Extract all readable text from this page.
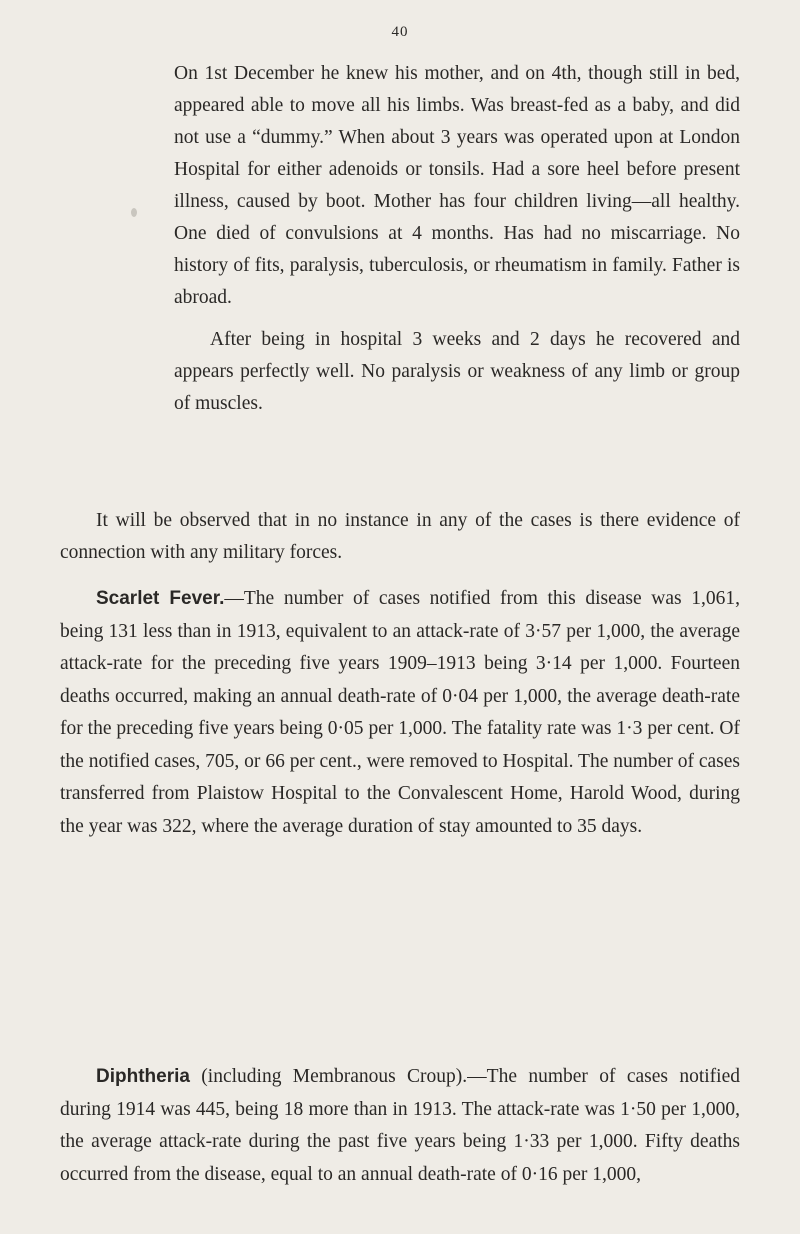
40

On 1st December he knew his mother, and on 4th, though still in bed, appeared able to move all his limbs. Was breast-fed as a baby, and did not use a “dummy.” When about 3 years was operated upon at London Hospital for either adenoids or tonsils. Had a sore heel before present illness, caused by boot. Mother has four children living—all healthy. One died of convulsions at 4 months. Has had no miscarriage. No history of fits, paralysis, tuberculosis, or rheumatism in family. Father is abroad.

After being in hospital 3 weeks and 2 days he recovered and appears perfectly well. No paralysis or weakness of any limb or group of muscles.

It will be observed that in no instance in any of the cases is there evidence of connection with any military forces.

Scarlet Fever.—The number of cases notified from this disease was 1,061, being 131 less than in 1913, equivalent to an attack-rate of 3·57 per 1,000, the average attack-rate for the preceding five years 1909–1913 being 3·14 per 1,000. Fourteen deaths occurred, making an annual death-rate of 0·04 per 1,000, the average death-rate for the preceding five years being 0·05 per 1,000. The fatality rate was 1·3 per cent. Of the notified cases, 705, or 66 per cent., were removed to Hospital. The number of cases transferred from Plaistow Hospital to the Convalescent Home, Harold Wood, during the year was 322, where the average duration of stay amounted to 35 days.

Diphtheria (including Membranous Croup).—The number of cases notified during 1914 was 445, being 18 more than in 1913. The attack-rate was 1·50 per 1,000, the average attack-rate during the past five years being 1·33 per 1,000. Fifty deaths occurred from the disease, equal to an annual death-rate of 0·16 per 1,000,
